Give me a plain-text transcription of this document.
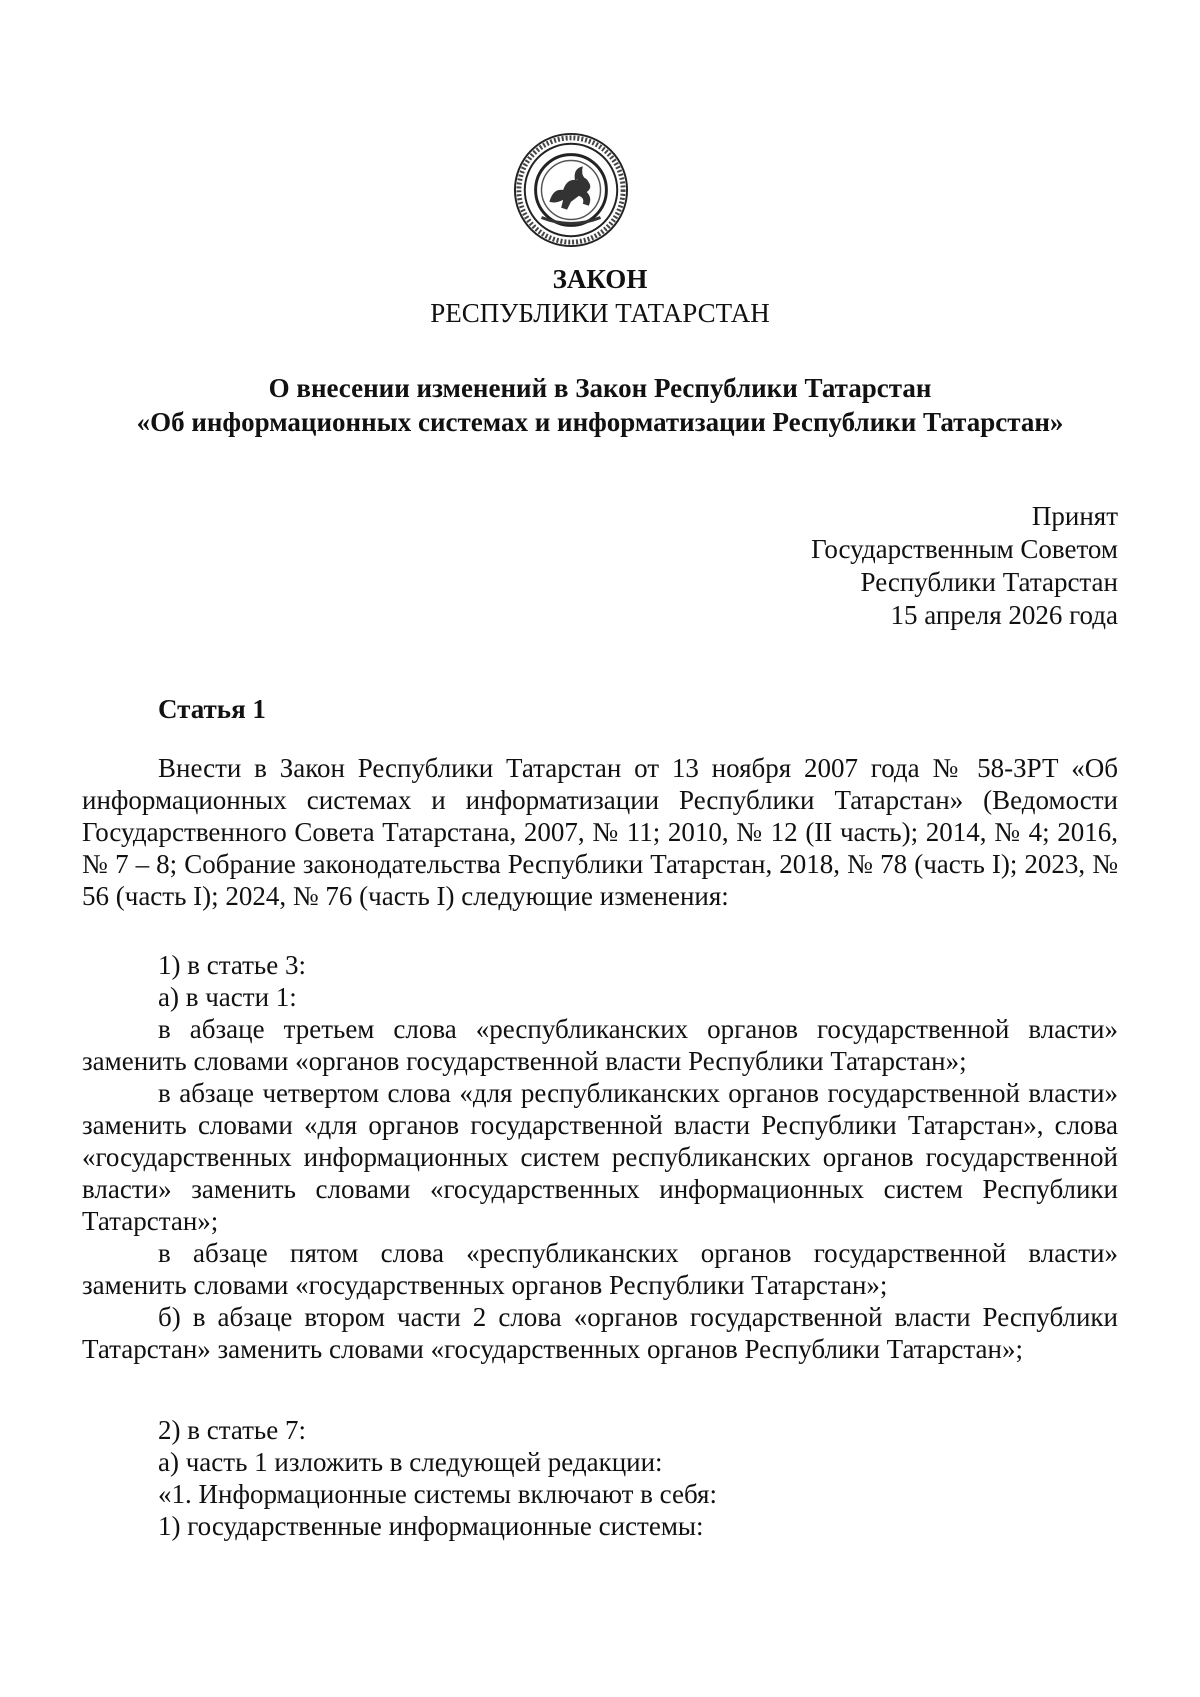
ЗАКОН
РЕСПУБЛИКИ ТАТАРСТАН
О внесении изменений в Закон Республики Татарстан
«Об информационных системах и информатизации Республики Татарстан»
Принят
Государственным Советом
Республики Татарстан
15 апреля 2026 года
Статья 1

Внести в Закон Республики Татарстан от 13 ноября 2007 года № 58-ЗРТ «Об информационных системах и информатизации Республики Татарстан» (Ведомости Государственного Совета Татарстана, 2007, № 11; 2010, № 12 (II часть); 2014, № 4; 2016, № 7 – 8; Собрание законодательства Республики Татарстан, 2018, № 78 (часть I); 2023, № 56 (часть I); 2024, № 76 (часть I) следующие изменения:

1) в статье 3:

а) в части 1:

в абзаце третьем слова «республиканских органов государственной власти» заменить словами «органов государственной власти Республики Татарстан»;

в абзаце четвертом слова «для республиканских органов государственной власти» заменить словами «для органов государственной власти Республики Татарстан», слова «государственных информационных систем республиканских органов государственной власти» заменить словами «государственных информационных систем Республики Татарстан»;

в абзаце пятом слова «республиканских органов государственной власти» заменить словами «государственных органов Республики Татарстан»;

б) в абзаце втором части 2 слова «органов государственной власти Республики Татарстан» заменить словами «государственных органов Республики Татарстан»;

2) в статье 7:

а) часть 1 изложить в следующей редакции:

«1. Информационные системы включают в себя:

1) государственные информационные системы:
